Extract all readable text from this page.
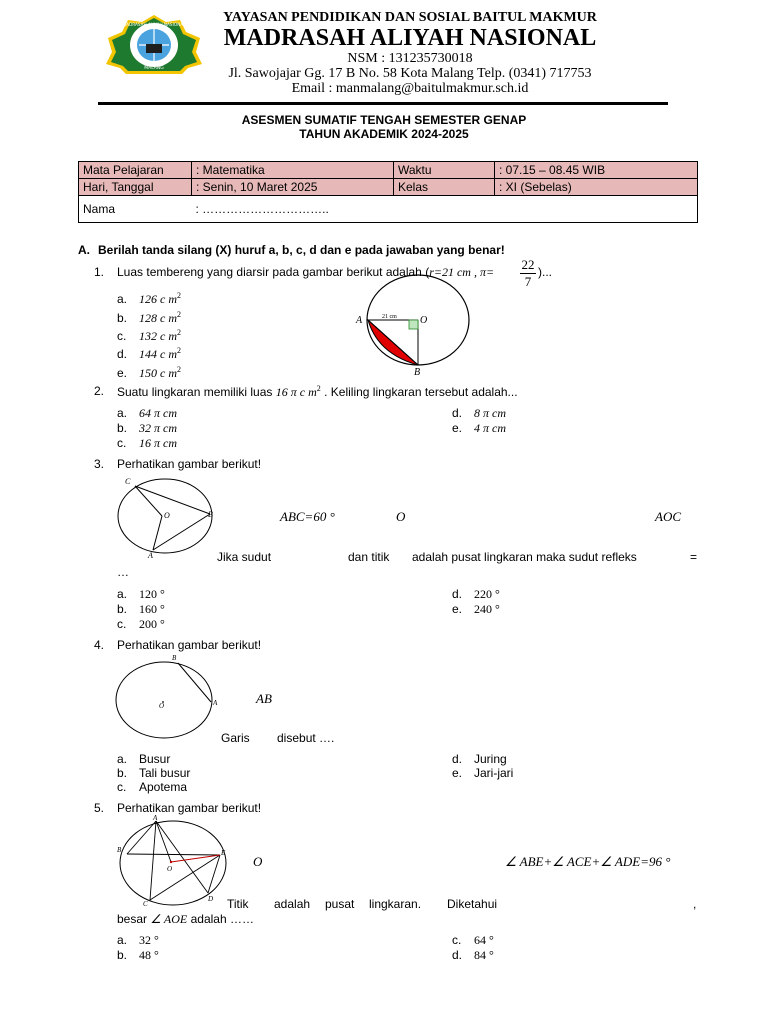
MADRASAH ALIYAH NASIONAL
MALANG
YAYASAN PENDIDIKAN DAN SOSIAL BAITUL MAKMUR
MADRASAH ALIYAH NASIONAL
NSM : 131235730018
Jl. Sawojajar Gg. 17 B No. 58 Kota Malang Telp. (0341) 717753
Email : manmalang@baitulmakmur.sch.id
ASESMEN SUMATIF TENGAH SEMESTER GENAP
TAHUN AKADEMIK 2024-2025
Mata Pelajaran	: Matematika	Waktu	: 07.15 – 08.45 WIB
Hari, Tanggal	: Senin, 10 Maret 2025	Kelas	: XI (Sebelas)
Nama	: …………………………..		
A. Berilah tanda silang (X) huruf a, b, c, d dan e pada jawaban yang benar!
1. Luas tembereng yang diarsir pada gambar berikut adalah (r=21 cm , $\pi= \frac{22}{7}$ )...
a. 126 c $m^2$
b. 128 c $m^2$
c. 132 c $m^2$
d. 144 c $m^2$
e. 150 c $m^2$
A	O
B
21 cm
2. Suatu lingkaran memiliki luas 16 π c $m^2$ . Keliling lingkaran tersebut adalah...
a. 64 π cm
b. 32 π cm
c. 16 π cm
d. 8 π cm
e. 4 π cm
3. Perhatikan gambar berikut!
C
O	B
A
ABC=60 °	O	AOC
Jika sudut	dan titik adalah pusat lingkaran maka sudut refleks	=
…
a. 120 °
b. 160 °
c. 200 °
d. 220 °
e. 240 °
4. Perhatikan gambar berikut!
B
O	A	AB
Garis disebut ….
a. Busur
b. Tali busur
c. Apotema
d. Juring
e. Jari-jari
5. Perhatikan gambar berikut!
A
B	E
O
C
D
O	∠ ABE+∠ ACE+∠ ADE=96 °
Titik adalah pusat lingkaran. Diketahui	,
besar ∠ AOE adalah ……
a. 32 °
b. 48 °
c. 64 °
d. 84 °
